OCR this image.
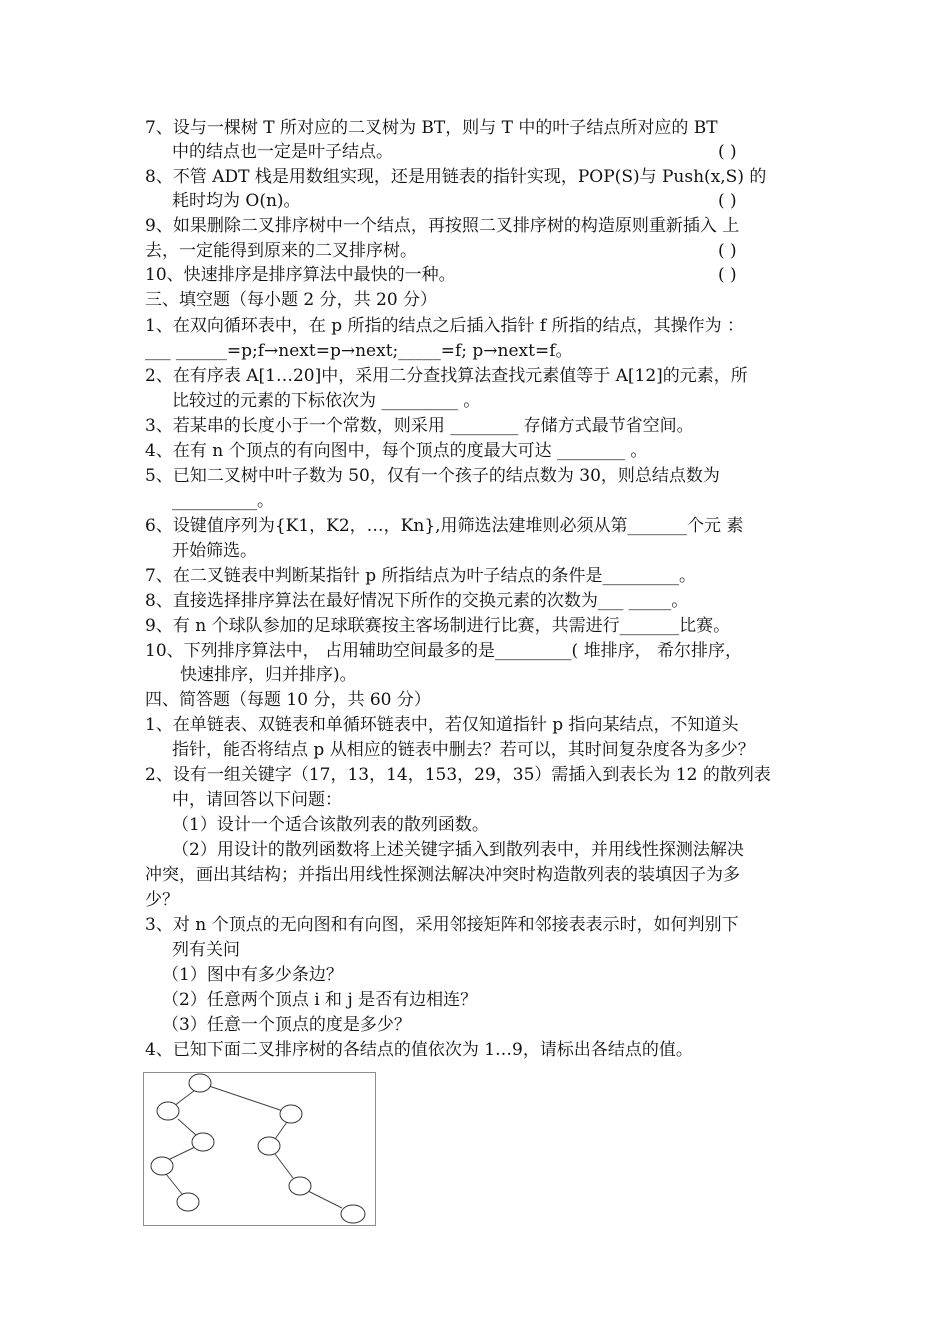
7、设与一棵树 T 所对应的二叉树为 BT，则与 T 中的叶子结点所对应的 BT
中的结点也一定是叶子结点。	( )
8、不管 ADT 栈是用数组实现，还是用链表的指针实现，POP(S)与 Push(x,S) 的
耗时均为 O(n)。	( )
9、如果删除二叉排序树中一个结点，再按照二叉排序树的构造原则重新插入 上
去，一定能得到原来的二叉排序树。	( )
10、快速排序是排序算法中最快的一种。	( )
三、填空题（每小题 2 分，共 20 分）
1、在双向循环表中，在 p 所指的结点之后插入指针 f 所指的结点，其操作为 ：
___ ______=p;f→next=p→next;_____=f; p→next=f。
2、在有序表 A[1…20]中，采用二分查找算法查找元素值等于 A[12]的元素，所
比较过的元素的下标依次为 _________ 。
3、若某串的长度小于一个常数，则采用 ________ 存储方式最节省空间。
4、在有 n 个顶点的有向图中，每个顶点的度最大可达 ________ 。
5、已知二叉树中叶子数为 50，仅有一个孩子的结点数为 30，则总结点数为
__________。
6、设键值序列为{K1，K2，…，Kn},用筛选法建堆则必须从第_______个元 素
开始筛选。
7、在二叉链表中判断某指针 p 所指结点为叶子结点的条件是_________。
8、直接选择排序算法在最好情况下所作的交换元素的次数为___ _____。
9、有 n 个球队参加的足球联赛按主客场制进行比赛，共需进行_______比赛。
10、下列排序算法中， 占用辅助空间最多的是_________( 堆排序， 希尔排序，
快速排序，归并排序)。
四、简答题（每题 10 分，共 60 分）
1、在单链表、双链表和单循环链表中，若仅知道指针 p 指向某结点，不知道头
指针，能否将结点 p 从相应的链表中删去？若可以，其时间复杂度各为多少？
2、设有一组关键字（17，13，14，153，29，35）需插入到表长为 12 的散列表
中，请回答以下问题：
（1）设计一个适合该散列表的散列函数。
（2）用设计的散列函数将上述关键字插入到散列表中，并用线性探测法解决
冲突，画出其结构；并指出用线性探测法解决冲突时构造散列表的装填因子为多
少？
3、对 n 个顶点的无向图和有向图，采用邻接矩阵和邻接表表示时，如何判别下
列有关问
（1）图中有多少条边？
（2）任意两个顶点 i 和 j 是否有边相连？
（3）任意一个顶点的度是多少？
4、已知下面二叉排序树的各结点的值依次为 1…9，请标出各结点的值。
